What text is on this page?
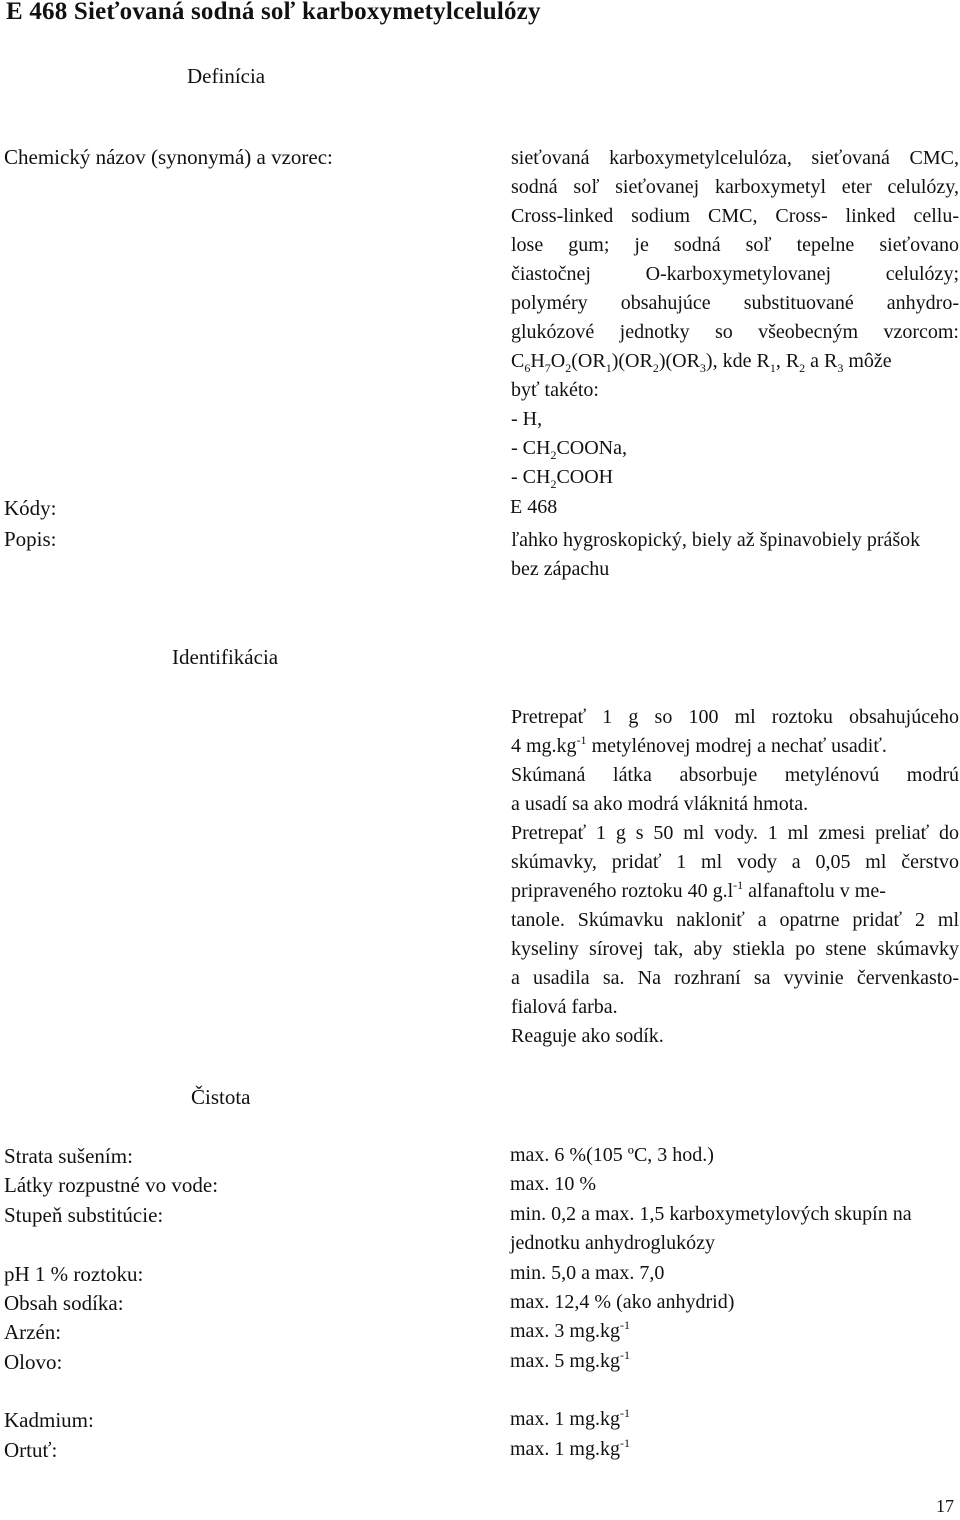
E 468 Sieťovaná sodná soľ karboxymetylcelulózy
Definícia
Chemický názov (synonymá) a vzorec:	sieťovaná karboxymetylcelulóza, sieťovaná CMC,
sodná soľ sieťovanej karboxymetyl eter celulózy,
Cross-linked sodium CMC, Cross- linked cellu-
lose gum; je sodná soľ tepelne sieťovano
čiastočnej O-karboxymetylovanej celulózy;
polyméry obsahujúce substituované anhydro-
glukózové jednotky so všeobecným vzorcom:
$C_6H_7O_2(OR_1)(OR_2)(OR_3)$, kde $R_1$, $R_2$ a $R_3$ môže
byť takéto:
- H,
- $CH_2COONa$,
- $CH_2COOH$
Kódy:	E 468
Popis:	ľahko hygroskopický, biely až špinavobiely prášok
bez zápachu
Identifikácia
Pretrepať 1 g so 100 ml roztoku obsahujúceho
4 $mg.kg^{-1}$ metylénovej modrej a nechať usadiť.
Skúmaná látka absorbuje metylénovú modrú
a usadí sa ako modrá vláknitá hmota.
Pretrepať 1 g s 50 ml vody. 1 ml zmesi preliať do
skúmavky, pridať 1 ml vody a 0,05 ml čerstvo
pripraveného roztoku 40 $g.l^{-1}$ alfanaftolu v me-
tanole. Skúmavku nakloniť a opatrne pridať 2 ml
kyseliny sírovej tak, aby stiekla po stene skúmavky
a usadila sa. Na rozhraní sa vyvinie červenkasto-
fialová farba.
Reaguje ako sodík.
Čistota
Strata sušením:	max. 6 %(105 ºC, 3 hod.)
Látky rozpustné vo vode:	max. 10 %
Stupeň substitúcie:	min. 0,2 a max. 1,5 karboxymetylových skupín na
jednotku anhydroglukózy
pH 1 % roztoku:	min. 5,0 a max. 7,0
Obsah sodíka:	max. 12,4 % (ako anhydrid)
Arzén:	max. 3 $mg.kg^{-1}$
Olovo:	max. 5 $mg.kg^{-1}$
Kadmium:	max. 1 $mg.kg^{-1}$
Ortuť:	max. 1 $mg.kg^{-1}$
17
